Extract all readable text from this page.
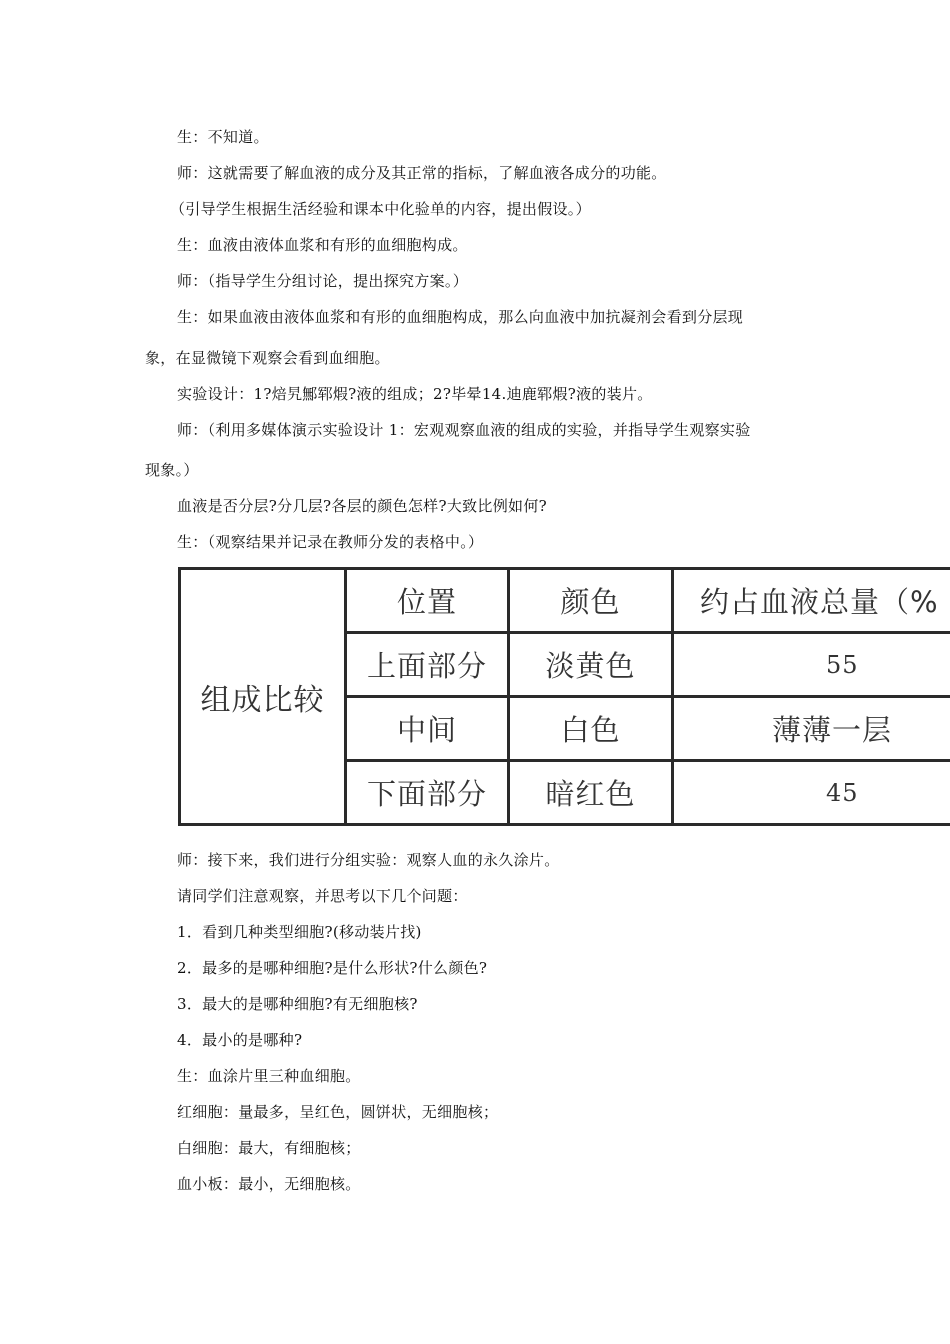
生：不知道。
师：这就需要了解血液的成分及其正常的指标，了解血液各成分的功能。
（引导学生根据生活经验和课本中化验单的内容，提出假设。）
生：血液由液体血浆和有形的血细胞构成。
师：（指导学生分组讨论，提出探究方案。）
生：如果血液由液体血浆和有形的血细胞构成，那么向血液中加抗凝剂会看到分层现
象，在显微镜下观察会看到血细胞。
实验设计：1?焙旯鄦郓煆?液的组成；2?毕晕14.迪鹿郓煆?液的装片。
师：（利用多媒体演示实验设计 1：宏观观察血液的组成的实验，并指导学生观察实验
现象。）
血液是否分层?分几层?各层的颜色怎样?大致比例如何?
生：（观察结果并记录在教师分发的表格中。）
组成比较	位置	颜色	约占血液总量（%
	上面部分	淡黄色	55
	中间	白色	薄薄一层
	下面部分	暗红色	45
师：接下来，我们进行分组实验：观察人血的永久涂片。
请同学们注意观察，并思考以下几个问题：
1．看到几种类型细胞?(移动装片找)
2．最多的是哪种细胞?是什么形状?什么颜色?
3．最大的是哪种细胞?有无细胞核?
4．最小的是哪种?
生：血涂片里三种血细胞。
红细胞：量最多，呈红色，圆饼状，无细胞核；
白细胞：最大，有细胞核；
血小板：最小，无细胞核。
